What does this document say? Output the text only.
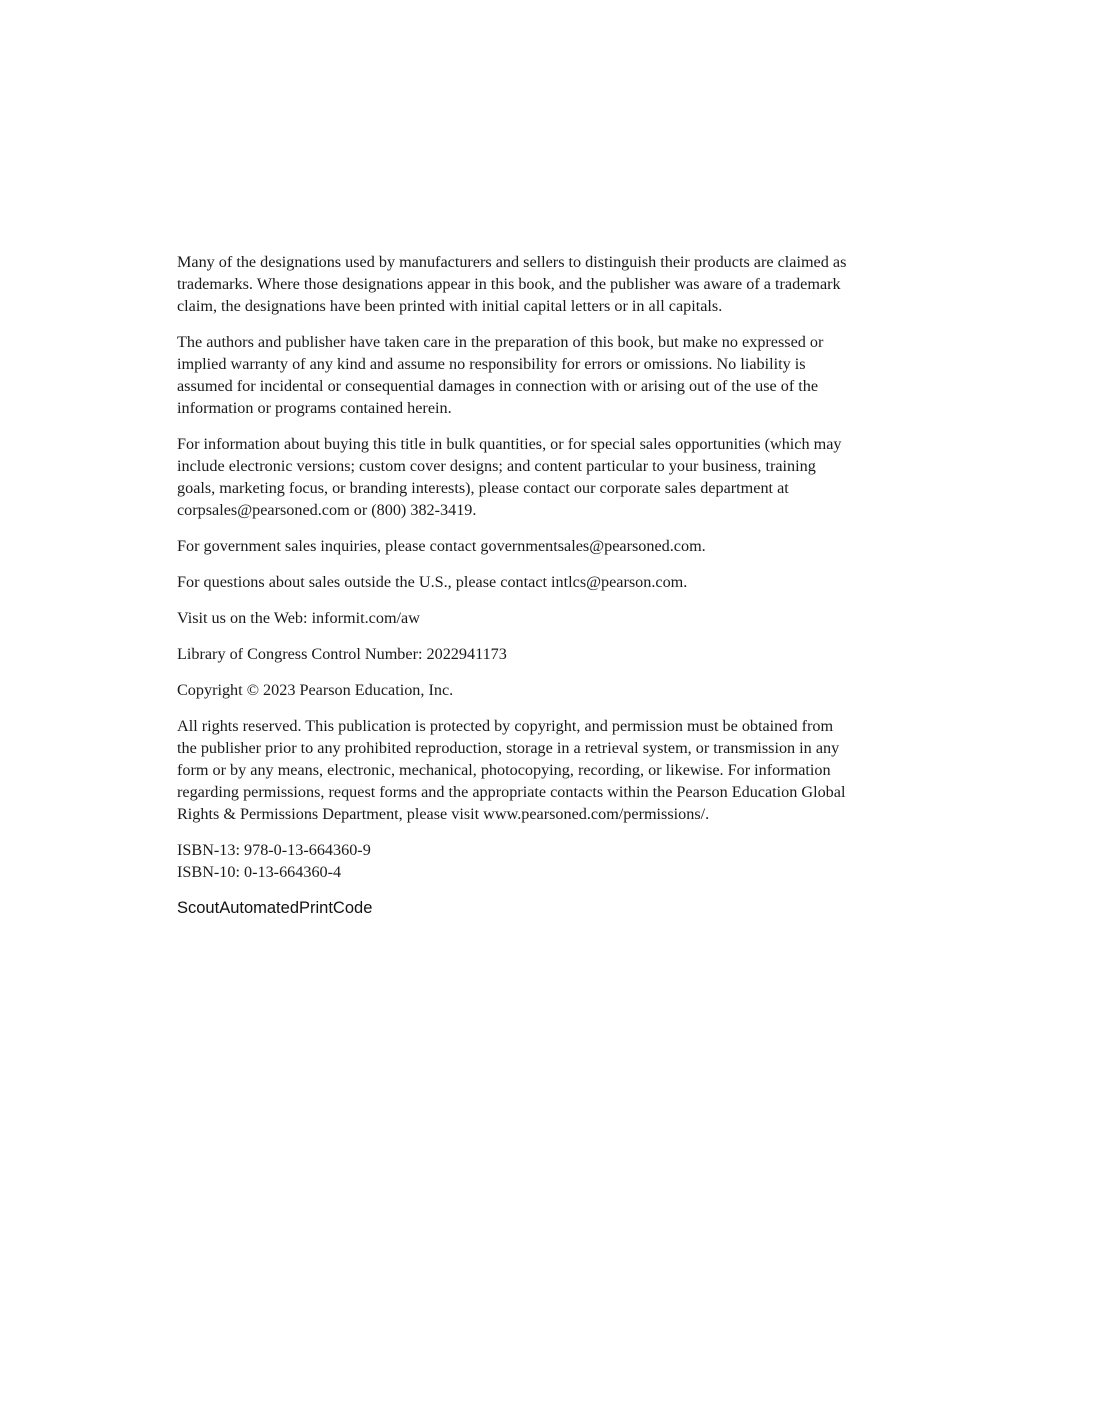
Many of the designations used by manufacturers and sellers to distinguish their products are claimed as
trademarks. Where those designations appear in this book, and the publisher was aware of a trademark
claim, the designations have been printed with initial capital letters or in all capitals.

The authors and publisher have taken care in the preparation of this book, but make no expressed or
implied warranty of any kind and assume no responsibility for errors or omissions. No liability is
assumed for incidental or consequential damages in connection with or arising out of the use of the
information or programs contained herein.

For information about buying this title in bulk quantities, or for special sales opportunities (which may
include electronic versions; custom cover designs; and content particular to your business, training
goals, marketing focus, or branding interests), please contact our corporate sales department at
corpsales@pearsoned.com or (800) 382-3419.

For government sales inquiries, please contact governmentsales@pearsoned.com.

For questions about sales outside the U.S., please contact intlcs@pearson.com.

Visit us on the Web: informit.com/aw

Library of Congress Control Number: 2022941173

Copyright © 2023 Pearson Education, Inc.

All rights reserved. This publication is protected by copyright, and permission must be obtained from
the publisher prior to any prohibited reproduction, storage in a retrieval system, or transmission in any
form or by any means, electronic, mechanical, photocopying, recording, or likewise. For information
regarding permissions, request forms and the appropriate contacts within the Pearson Education Global
Rights & Permissions Department, please visit www.pearsoned.com/permissions/.

ISBN-13: 978-0-13-664360-9
ISBN-10: 0-13-664360-4

ScoutAutomatedPrintCode
